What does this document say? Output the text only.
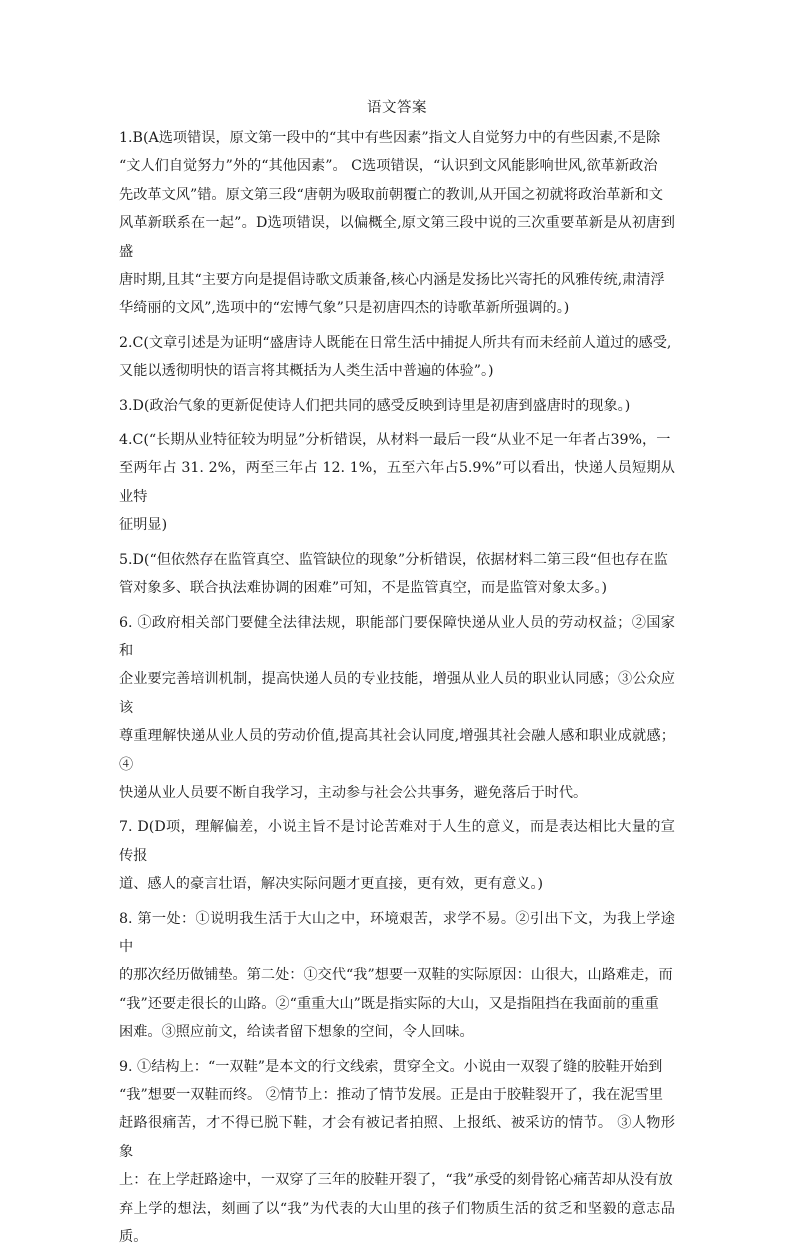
语文答案

1.B(A选项错误，原文第一段中的“其中有些因素”指文人自觉努力中的有些因素,不是除
“文人们自觉努力”外的“其他因素”。 C选项错误，“认识到文风能影响世风,欲革新政治
先改革文风”错。原文第三段“唐朝为吸取前朝覆亡的教训,从开国之初就将政治革新和文
风革新联系在一起”。D选项错误，以偏概全,原文第三段中说的三次重要革新是从初唐到盛
唐时期,且其“主要方向是提倡诗歌文质兼备,核心内涵是发扬比兴寄托的风雅传统,肃清浮
华绮丽的文风”,选项中的“宏博气象”只是初唐四杰的诗歌革新所强调的。)

2.C(文章引述是为证明“盛唐诗人既能在日常生活中捕捉人所共有而未经前人道过的感受,
又能以透彻明快的语言将其概括为人类生活中普遍的体验”。)

3.D(政治气象的更新促使诗人们把共同的感受反映到诗里是初唐到盛唐时的现象。)

4.C(“长期从业特征较为明显”分析错误，从材料一最后一段“从业不足一年者占39%，一
至两年占 31. 2%，两至三年占 12. 1%，五至六年占5.9%”可以看出，快递人员短期从业特
征明显)

5.D(“但依然存在监管真空、监管缺位的现象”分析错误，依据材料二第三段“但也存在监
管对象多、联合执法难协调的困难”可知，不是监管真空，而是监管对象太多。)

6. ①政府相关部门要健全法律法规，职能部门要保障快递从业人员的劳动权益；②国家和
企业要完善培训机制，提高快递人员的专业技能，增强从业人员的职业认同感；③公众应该
尊重理解快递从业人员的劳动价值,提高其社会认同度,增强其社会融人感和职业成就感；④
快递从业人员要不断自我学习，主动参与社会公共事务，避免落后于时代。

7. D(D项，理解偏差，小说主旨不是讨论苦难对于人生的意义，而是表达相比大量的宣传报
道、感人的豪言壮语，解决实际问题才更直接，更有效，更有意义。)

8. 第一处：①说明我生活于大山之中，环境艰苦，求学不易。②引出下文，为我上学途中
的那次经历做铺垫。第二处：①交代“我”想要一双鞋的实际原因：山很大，山路难走，而
“我”还要走很长的山路。②“重重大山”既是指实际的大山，又是指阻挡在我面前的重重
困难。③照应前文，给读者留下想象的空间，令人回味。

9. ①结构上：“一双鞋”是本文的行文线索，贯穿全文。小说由一双裂了缝的胶鞋开始到
“我”想要一双鞋而终。 ②情节上：推动了情节发展。正是由于胶鞋裂开了，我在泥雪里
赶路很痛苦，才不得已脱下鞋，才会有被记者拍照、上报纸、被采访的情节。 ③人物形象
上：在上学赶路途中，一双穿了三年的胶鞋开裂了，“我”承受的刻骨铭心痛苦却从没有放
弃上学的想法，刻画了以“我”为代表的大山里的孩子们物质生活的贫乏和坚毅的意志品质。
